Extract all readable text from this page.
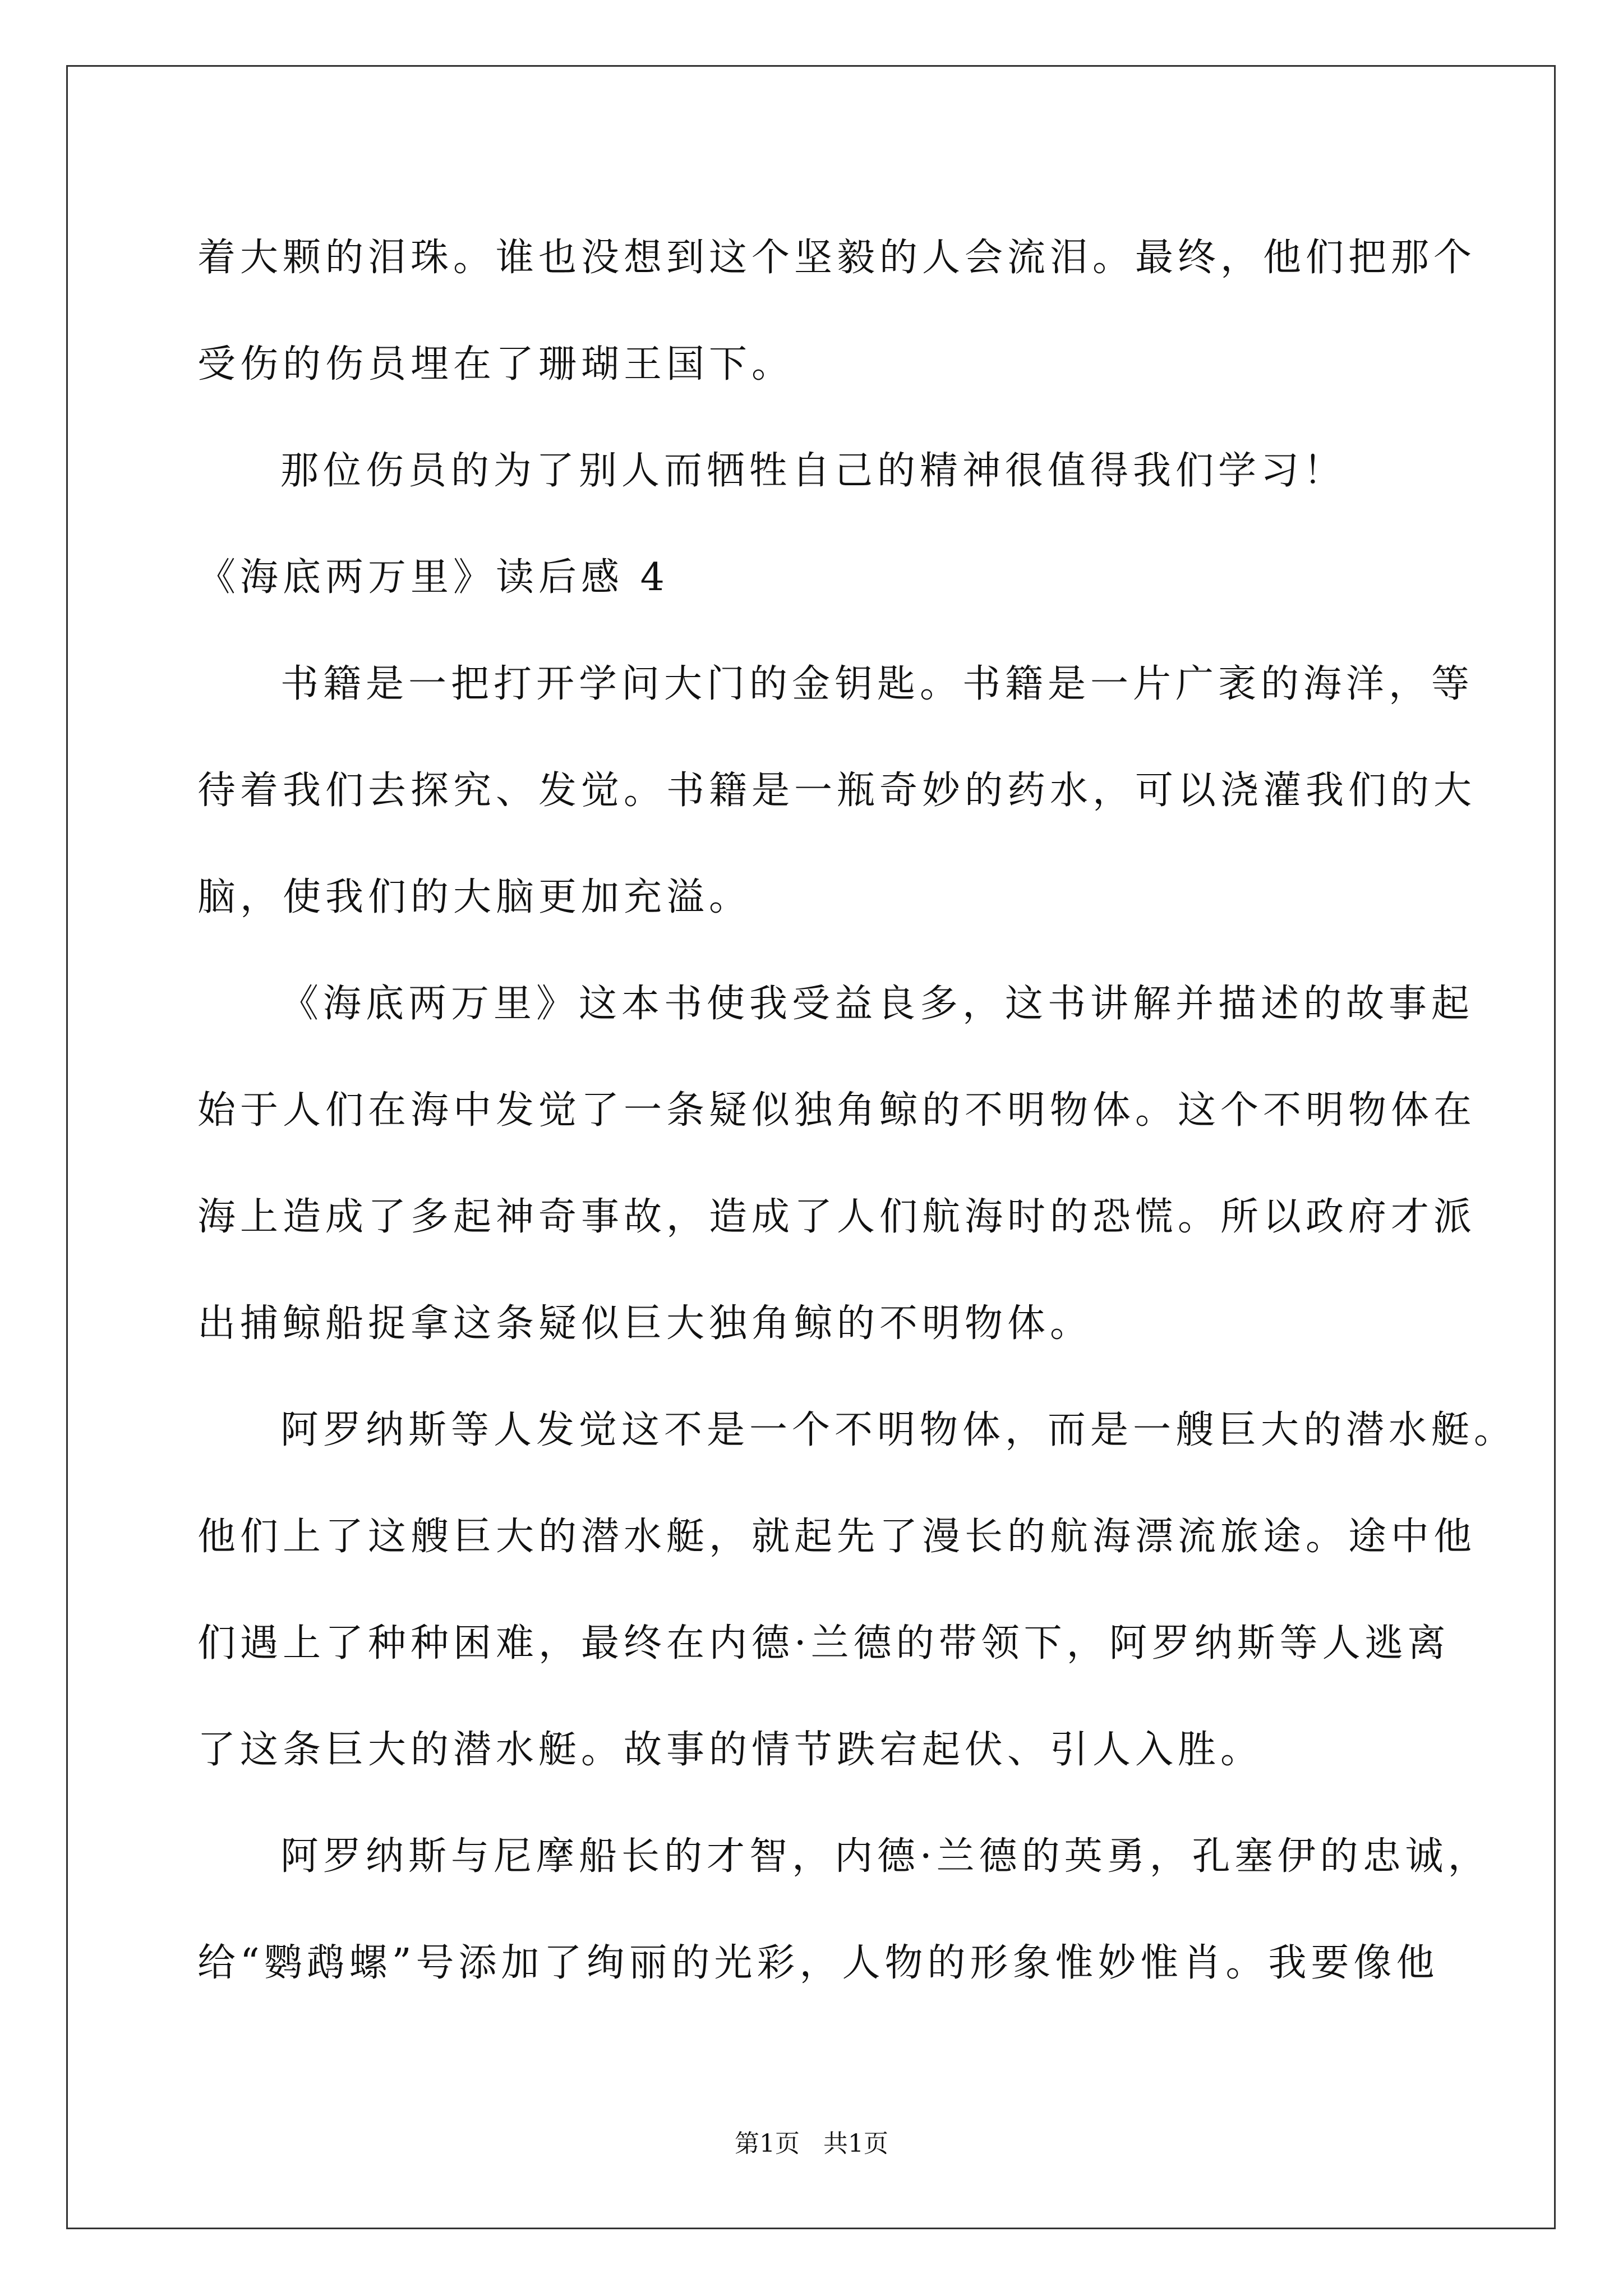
着大颗的泪珠。谁也没想到这个坚毅的人会流泪。最终，他们把那个
受伤的伤员埋在了珊瑚王国下。
那位伤员的为了别人而牺牲自己的精神很值得我们学习！
《海底两万里》读后感 4
书籍是一把打开学问大门的金钥匙。书籍是一片广袤的海洋，等
待着我们去探究、发觉。书籍是一瓶奇妙的药水，可以浇灌我们的大
脑，使我们的大脑更加充溢。
《海底两万里》这本书使我受益良多，这书讲解并描述的故事起
始于人们在海中发觉了一条疑似独角鲸的不明物体。这个不明物体在
海上造成了多起神奇事故，造成了人们航海时的恐慌。所以政府才派
出捕鲸船捉拿这条疑似巨大独角鲸的不明物体。
阿罗纳斯等人发觉这不是一个不明物体，而是一艘巨大的潜水艇。
他们上了这艘巨大的潜水艇，就起先了漫长的航海漂流旅途。途中他
们遇上了种种困难，最终在内德·兰德的带领下，阿罗纳斯等人逃离
了这条巨大的潜水艇。故事的情节跌宕起伏、引人入胜。
阿罗纳斯与尼摩船长的才智，内德·兰德的英勇，孔塞伊的忠诚，
给“鹦鹉螺”号添加了绚丽的光彩，人物的形象惟妙惟肖。我要像他
第1页   共1页
